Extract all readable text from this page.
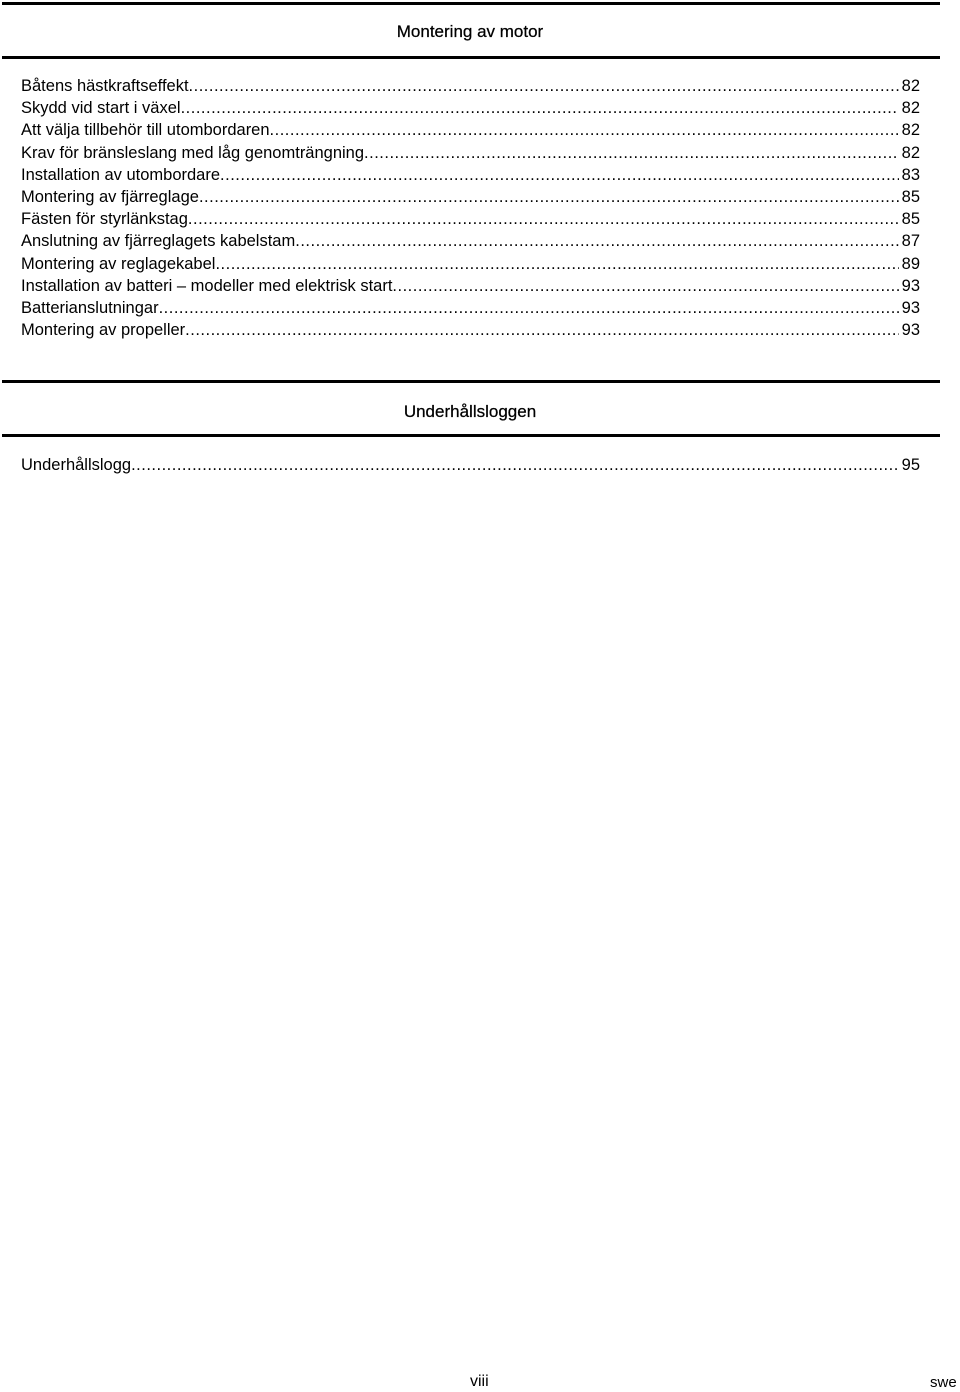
Montering av motor
Båtens hästkraftseffekt .....	82
Skydd vid start i växel .....	82
Att välja tillbehör till utombordaren .....	82
Krav för bränsleslang med låg genomträngning .....	82
Installation av utombordare .....	83
Montering av fjärreglage .....	85
Fästen för styrlänkstag .....	85
Anslutning av fjärreglagets kabelstam .....	87
Montering av reglagekabel .....	89
Installation av batteri – modeller med elektrisk start .....	93
Batterianslutningar .....	93
Montering av propeller .....	93
Underhållsloggen
Underhållslogg .....	95
viii	swe
